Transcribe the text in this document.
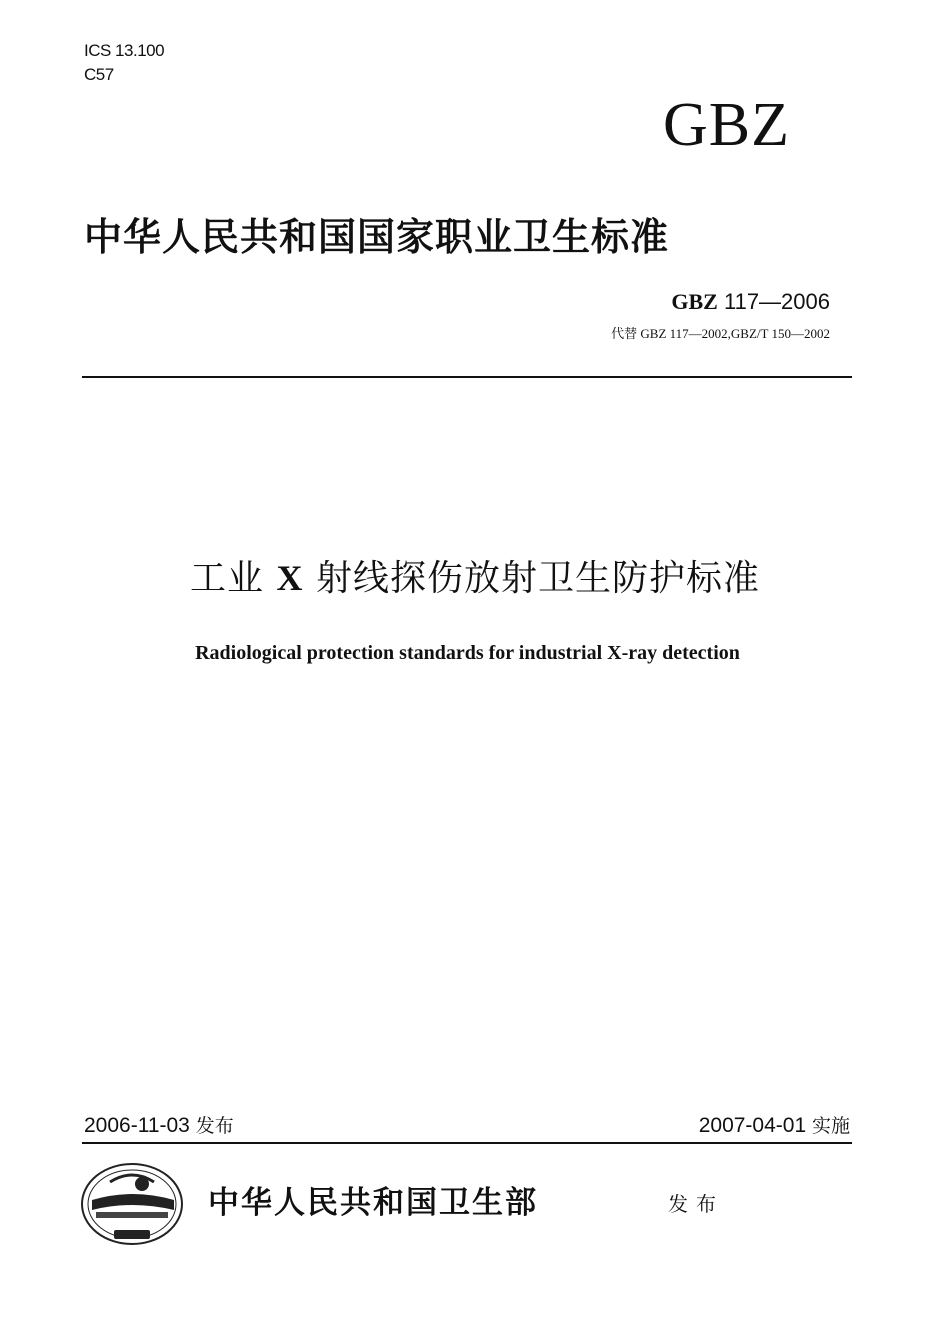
ICS 13.100
C57
GBZ
中华人民共和国国家职业卫生标准
GBZ 117—2006
代替 GBZ 117—2002,GBZ/T 150—2002
工业 X 射线探伤放射卫生防护标准
Radiological protection standards for industrial X-ray detection
2006-11-03 发布	2007-04-01 实施
中华人民共和国卫生部	发布
